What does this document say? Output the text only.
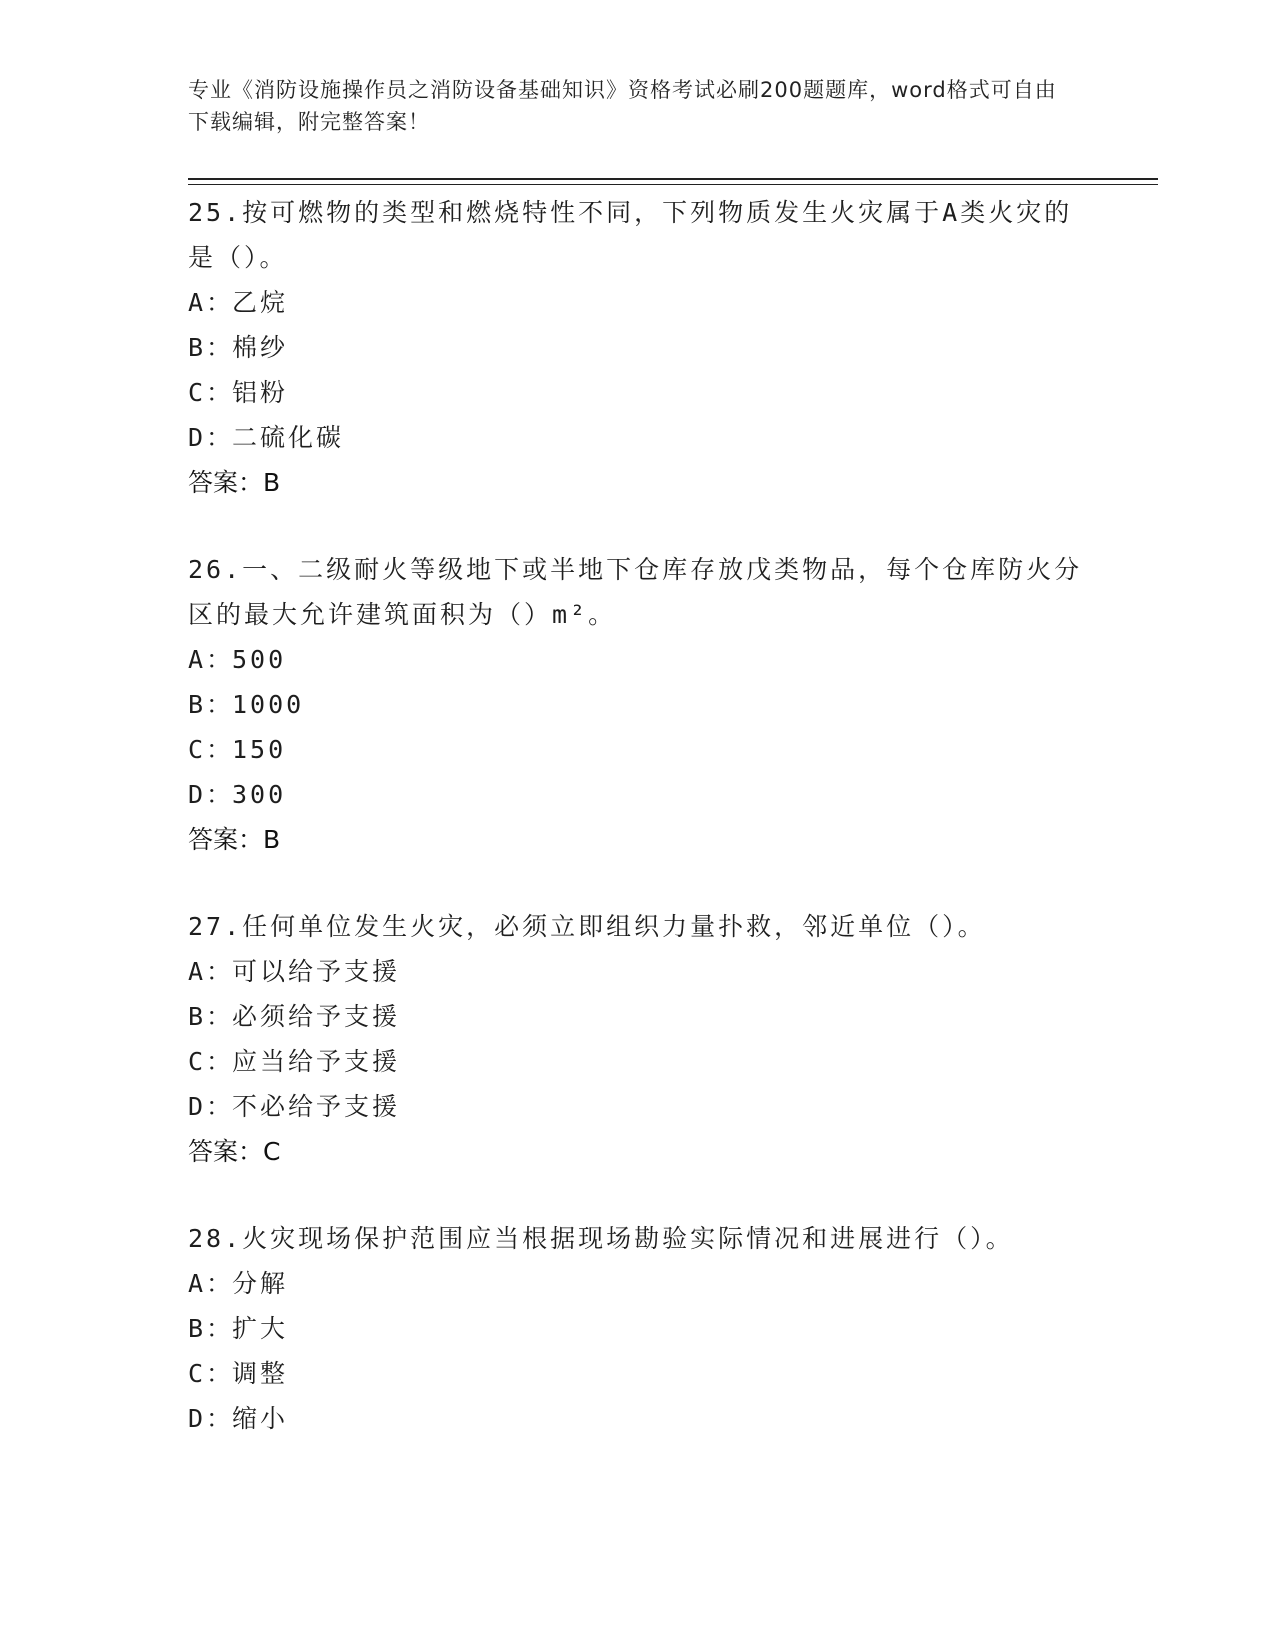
专业《消防设施操作员之消防设备基础知识》资格考试必刷200题题库，word格式可自由下载编辑，附完整答案！

25.按可燃物的类型和燃烧特性不同，下列物质发生火灾属于A类火灾的是（）。

A：乙烷

B：棉纱

C：铝粉

D：二硫化碳

答案：B

26.一、二级耐火等级地下或半地下仓库存放戊类物品，每个仓库防火分区的最大允许建筑面积为（）m²。

A：500

B：1000

C：150

D：300

答案：B

27.任何单位发生火灾，必须立即组织力量扑救，邻近单位（）。

A：可以给予支援

B：必须给予支援

C：应当给予支援

D：不必给予支援

答案：C

28.火灾现场保护范围应当根据现场勘验实际情况和进展进行（）。

A：分解

B：扩大

C：调整

D：缩小
